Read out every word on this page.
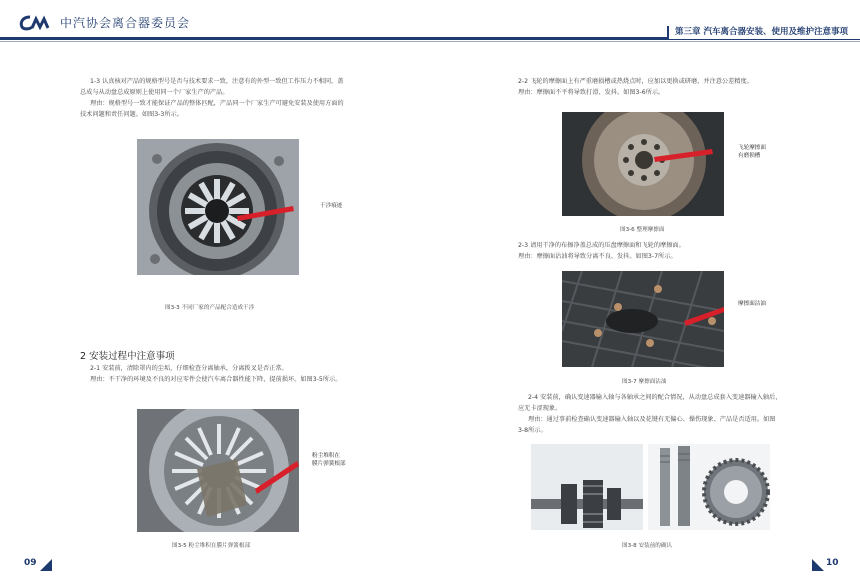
中汽协会离合器委员会
第三章 汽车离合器安装、使用及维护注意事项
1-3 认真核对产品的规格型号是否与技术要求一致，注意有的外型一致但工作压力不相同，盖
总成与从动盘总成原则上使用同一个厂家生产的产品。
理由：规格型号一致才能保证产品的整体匹配，产品同一个厂家生产可避免安装及使用方面的
技术问题和责任问题。如图3-3所示。
干涉痕迹
图3-3 不同厂家的产品配合造成干涉
2 安装过程中注意事项
2-1 安装前，清除罩内的尘垢，仔细检查分离轴承，分离拨叉是否正常。
理由：不干净的环境及不良的对应零件会使汽车离合器性能下降，提前损坏。如图3-5所示。
粉尘堆积在
膜片弹簧根部
图3-5 粉尘堆积在膜片弹簧根部
09
2-2 飞轮的摩擦面上有严重磨损槽或热烧点时，应加以更换或研磨，并注意公差精度。
理由：摩擦面不平将导致打滑、发抖。如图3-6所示。
飞轮摩擦面
有磨损槽
图3-6 整理摩擦面
2-3 请用干净的布擦净盖总成的压盘摩擦面和飞轮的摩擦面。
理由：摩擦面沾油将导致分离不良、发抖。如图3-7所示。
摩擦面沾油
图3-7 摩擦面沾油
2-4 安装前，确认变速器输入轴与各轴承之间的配合情况，从动盘总成套入变速器输入轴后，
应无卡涩现象。
理由：通过事前检查确认变速器输入轴以及花键有无偏心、操伤现象、产品是否适用。如图
3-8所示。
图3-8 安装前的确认
10
